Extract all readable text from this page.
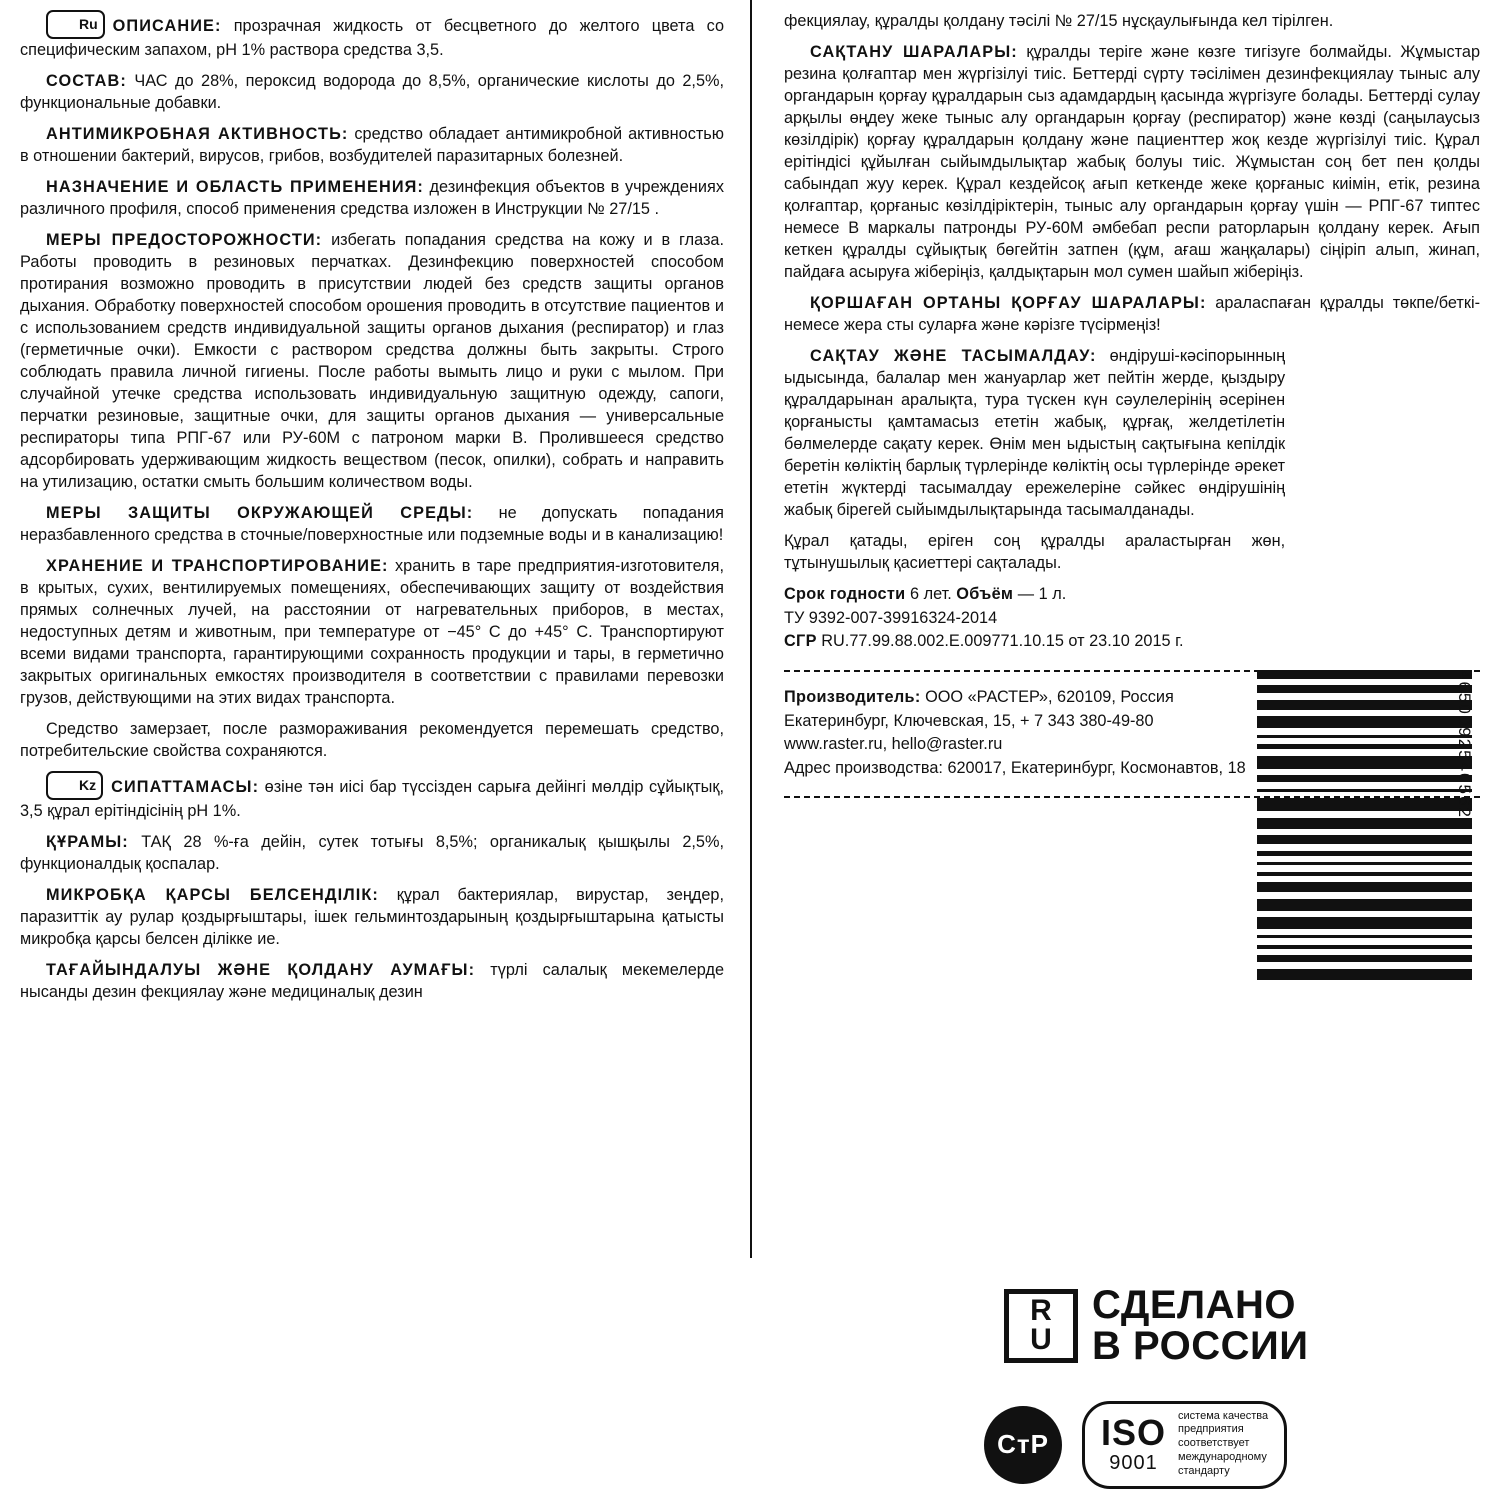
Ru ОПИСАНИЕ: прозрачная жидкость от бесцветного до желтого цвета со специфическим запахом, pH 1% раствора средства 3,5.

СОСТАВ: ЧАС до 28%, пероксид водорода до 8,5%, органические кислоты до 2,5%, функциональные добавки.

АНТИМИКРОБНАЯ АКТИВНОСТЬ: средство обладает антимикробной активностью в отношении бактерий, вирусов, грибов, возбудителей паразитарных болезней.

НАЗНАЧЕНИЕ И ОБЛАСТЬ ПРИМЕНЕНИЯ: дезинфекция объектов в учреждениях различного профиля, способ применения средства изложен в Инструкции № 27/15 .

МЕРЫ ПРЕДОСТОРОЖНОСТИ: избегать попадания средства на кожу и в глаза. Работы проводить в резиновых перчатках. Дезинфекцию поверхностей способом протирания возможно проводить в присутствии людей без средств защиты органов дыхания. Обработку поверхностей способом орошения проводить в отсутствие пациентов и с использованием средств индивидуальной защиты органов дыхания (респиратор) и глаз (герметичные очки). Емкости с раствором средства должны быть закрыты. Строго соблюдать правила личной гигиены. После работы вымыть лицо и руки с мылом. При случайной утечке средства использовать индивидуальную защитную одежду, сапоги, перчатки резиновые, защитные очки, для защиты органов дыхания — универсальные респираторы типа РПГ-67 или РУ-60М с патроном марки В. Пролившееся средство адсорбировать удерживающим жидкость веществом (песок, опилки), собрать и направить на утилизацию, остатки смыть большим количеством воды.

МЕРЫ ЗАЩИТЫ ОКРУЖАЮЩЕЙ СРЕДЫ: не допускать попадания неразбавленного средства в сточные/поверхностные или подземные воды и в канализацию!

ХРАНЕНИЕ И ТРАНСПОРТИРОВАНИЕ: хранить в таре предприятия-изготовителя, в крытых, сухих, вентилируемых помещениях, обеспечивающих защиту от воздействия прямых солнечных лучей, на расстоянии от нагревательных приборов, в местах, недоступных детям и животным, при температуре от −45° С до +45° С. Транспортируют всеми видами транспорта, гарантирующими сохранность продукции и тары, в герметично закрытых оригинальных емкостях производителя в соответствии с правилами перевозки грузов, действующими на этих видах транспорта.

Средство замерзает, после размораживания рекомендуется перемешать средство, потребительские свойства сохраняются.

Kz СИПАТТАМАСЫ: өзіне тән иісі бар түссізден сарыға дейінгі мөлдір сұйықтық, 3,5 құрал ерітіндісінің pH 1%.

ҚҰРАМЫ: ТАҚ 28 %-ға дейін, сутек тотығы 8,5%; органикалық қышқылы 2,5%, функционалдық қоспалар.

МИКРОБҚА ҚАРСЫ БЕЛСЕНДІЛІК: құрал бактериялар, вирустар, зеңдер, паразиттік ау рулар қоздырғыштары, ішек гельминтоздарының қоздырғыштарына қатысты микробқа қарсы белсен ділікке ие.

ТАҒАЙЫНДАЛУЫ ЖӘНЕ ҚОЛДАНУ АУМАҒЫ: түрлі салалық мекемелерде нысанды дезин фекциялау және медициналық дезин

фекциялау, құралды қолдану тәсілі № 27/15 нұсқаулығында кел тірілген.

САҚТАНУ ШАРАЛАРЫ: құралды теріге және көзге тигізуге болмайды. Жұмыстар резина қолғаптар мен жүргізілуі тиіс. Беттерді сүрту тәсілімен дезинфекциялау тыныс алу органдарын қорғау құралдарын сыз адамдардың қасында жүргізуге болады. Беттерді сулау арқылы өңдеу жеке тыныс алу органдарын қорғау (респиратор) және көзді (саңылаусыз көзілдірік) қорғау құралдарын қолдану және пациенттер жоқ кезде жүргізілуі тиіс. Құрал ерітіндісі құйылған сыйымдылықтар жабық болуы тиіс. Жұмыстан соң бет пен қолды сабындап жуу керек. Құрал кездейсоқ ағып кеткенде жеке қорғаныс киімін, етік, резина қолғаптар, қорғаныс көзілдіріктерін, тыныс алу органдарын қорғау үшін — РПГ-67 типтес немесе В маркалы патронды РУ-60М әмбебап респи раторларын қолдану керек. Ағып кеткен құралды сұйықтық бөгейтін затпен (құм, ағаш жаңқалары) сіңіріп алып, жинап, пайдаға асыруға жіберіңіз, қалдықтарын мол сумен шайып жіберіңіз.

ҚОРШАҒАН ОРТАНЫ ҚОРҒАУ ШАРАЛАРЫ: араласпаған құралды төкпе/беткі- немесе жера сты суларға және кәрізге түсірмеңіз!

4650092540562

САҚТАУ ЖӘНЕ ТАСЫМАЛДАУ: өндіруші-кәсіпорынның ыдысында, балалар мен жануарлар жет пейтін жерде, қыздыру құралдарынан аралықта, тура түскен күн сәулелерінің әсерінен қорғанысты қамтамасыз ететін жабық, құрғақ, желдетілетін бөлмелерде сақату керек. Өнім мен ыдыстың сақтығына кепілдік беретін көліктің барлық түрлерінде көліктің осы түрлерінде әрекет ететін жүктерді тасымалдау ережелеріне сәйкес өндірушінің жабық бірегей сыйымдылықтарында тасымалданады.

Құрал қатады, еріген соң құралды араластырған жөн, тұтынушылық қасиеттері сақталады.

Срок годности 6 лет. Объём — 1 л.
ТУ 9392-007-39916324-2014
СГР RU.77.99.88.002.Е.009771.10.15 от 23.10 2015 г.
Производитель: ООО «РАСТЕР», 620109, Россия
Екатеринбург, Ключевская, 15, + 7 343 380-49-80
www.raster.ru, hello@raster.ru
Адрес производства: 620017, Екатеринбург, Космонавтов, 18
R
U
СДЕЛАНО
В РОССИИ
СтР	ISO
9001
система качества
предприятия
соответствует
международному
стандарту
